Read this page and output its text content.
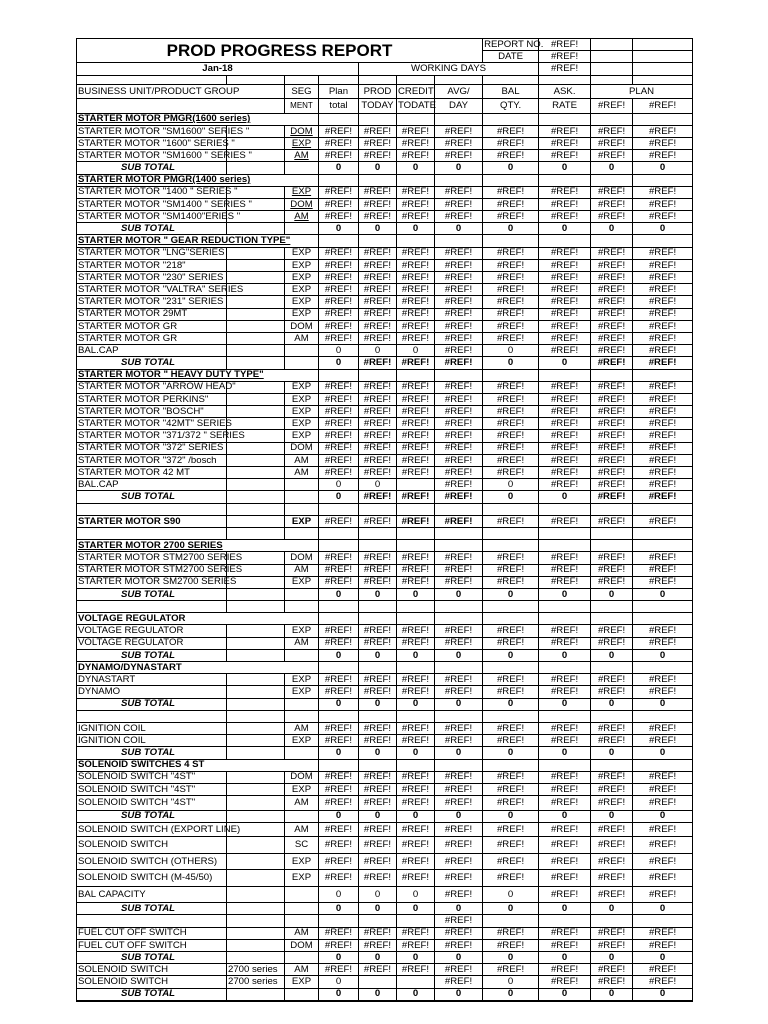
PROD PROGRESS REPORT							REPORT NO.	#REF!		
							DATE	#REF!		
Jan-18				WORKING DAYS				#REF!		

BUSINESS UNIT/PRODUCT GROUP		SEG	Plan	PROD	CREDIT	AVG/	BAL	ASK.	PLAN	
		MENT	total	TODAY	TODATE	DAY	QTY.	RATE	#REF!	#REF!
STARTER MOTOR PMGR(1600 series)										
STARTER MOTOR "SM1600" SERIES "		DOM	#REF!	#REF!	#REF!	#REF!	#REF!	#REF!	#REF!	#REF!
STARTER MOTOR "1600" SERIES "		EXP	#REF!	#REF!	#REF!	#REF!	#REF!	#REF!	#REF!	#REF!
STARTER MOTOR "SM1600 " SERIES "		AM	#REF!	#REF!	#REF!	#REF!	#REF!	#REF!	#REF!	#REF!
SUB TOTAL			0	0	0	0	0	0	0	0
STARTER MOTOR PMGR(1400 series)										
STARTER MOTOR "1400 " SERIES "		EXP	#REF!	#REF!	#REF!	#REF!	#REF!	#REF!	#REF!	#REF!
STARTER MOTOR "SM1400 " SERIES "		DOM	#REF!	#REF!	#REF!	#REF!	#REF!	#REF!	#REF!	#REF!
STARTER MOTOR "SM1400"ERIES "		AM	#REF!	#REF!	#REF!	#REF!	#REF!	#REF!	#REF!	#REF!
SUB TOTAL			0	0	0	0	0	0	0	0
STARTER MOTOR " GEAR REDUCTION TYPE"										
STARTER MOTOR "LNG"SERIES		EXP	#REF!	#REF!	#REF!	#REF!	#REF!	#REF!	#REF!	#REF!
STARTER MOTOR "218"		EXP	#REF!	#REF!	#REF!	#REF!	#REF!	#REF!	#REF!	#REF!
STARTER MOTOR "230" SERIES		EXP	#REF!	#REF!	#REF!	#REF!	#REF!	#REF!	#REF!	#REF!
STARTER MOTOR "VALTRA" SERIES		EXP	#REF!	#REF!	#REF!	#REF!	#REF!	#REF!	#REF!	#REF!
STARTER MOTOR "231" SERIES		EXP	#REF!	#REF!	#REF!	#REF!	#REF!	#REF!	#REF!	#REF!
STARTER MOTOR 29MT		EXP	#REF!	#REF!	#REF!	#REF!	#REF!	#REF!	#REF!	#REF!
STARTER MOTOR GR		DOM	#REF!	#REF!	#REF!	#REF!	#REF!	#REF!	#REF!	#REF!
STARTER MOTOR GR		AM	#REF!	#REF!	#REF!	#REF!	#REF!	#REF!	#REF!	#REF!
BAL.CAP			0	0	0	#REF!	0	#REF!	#REF!	#REF!
SUB TOTAL			0	#REF!	#REF!	#REF!	0	0	#REF!	#REF!
STARTER MOTOR " HEAVY DUTY TYPE"										
STARTER MOTOR "ARROW HEAD"		EXP	#REF!	#REF!	#REF!	#REF!	#REF!	#REF!	#REF!	#REF!
STARTER MOTOR PERKINS"		EXP	#REF!	#REF!	#REF!	#REF!	#REF!	#REF!	#REF!	#REF!
STARTER MOTOR "BOSCH"		EXP	#REF!	#REF!	#REF!	#REF!	#REF!	#REF!	#REF!	#REF!
STARTER MOTOR "42MT" SERIES		EXP	#REF!	#REF!	#REF!	#REF!	#REF!	#REF!	#REF!	#REF!
STARTER MOTOR "371/372 " SERIES		EXP	#REF!	#REF!	#REF!	#REF!	#REF!	#REF!	#REF!	#REF!
STARTER MOTOR "372" SERIES		DOM	#REF!	#REF!	#REF!	#REF!	#REF!	#REF!	#REF!	#REF!
STARTER MOTOR "372" /bosch		AM	#REF!	#REF!	#REF!	#REF!	#REF!	#REF!	#REF!	#REF!
STARTER MOTOR 42 MT		AM	#REF!	#REF!	#REF!	#REF!	#REF!	#REF!	#REF!	#REF!
BAL.CAP			0	0		#REF!	0	#REF!	#REF!	#REF!
SUB TOTAL			0	#REF!	#REF!	#REF!	0	0	#REF!	#REF!

STARTER MOTOR S90		EXP	#REF!	#REF!	#REF!	#REF!	#REF!	#REF!	#REF!	#REF!

STARTER MOTOR 2700 SERIES										
STARTER MOTOR STM2700 SERIES		DOM	#REF!	#REF!	#REF!	#REF!	#REF!	#REF!	#REF!	#REF!
STARTER MOTOR STM2700 SERIES		AM	#REF!	#REF!	#REF!	#REF!	#REF!	#REF!	#REF!	#REF!
STARTER MOTOR SM2700 SERIES		EXP	#REF!	#REF!	#REF!	#REF!	#REF!	#REF!	#REF!	#REF!
SUB TOTAL			0	0	0	0	0	0	0	0

VOLTAGE REGULATOR										
VOLTAGE REGULATOR		EXP	#REF!	#REF!	#REF!	#REF!	#REF!	#REF!	#REF!	#REF!
VOLTAGE REGULATOR		AM	#REF!	#REF!	#REF!	#REF!	#REF!	#REF!	#REF!	#REF!
SUB TOTAL			0	0	0	0	0	0	0	0
DYNAMO/DYNASTART										
DYNASTART		EXP	#REF!	#REF!	#REF!	#REF!	#REF!	#REF!	#REF!	#REF!
DYNAMO		EXP	#REF!	#REF!	#REF!	#REF!	#REF!	#REF!	#REF!	#REF!
SUB TOTAL			0	0	0	0	0	0	0	0

IGNITION COIL		AM	#REF!	#REF!	#REF!	#REF!	#REF!	#REF!	#REF!	#REF!
IGNITION COIL		EXP	#REF!	#REF!	#REF!	#REF!	#REF!	#REF!	#REF!	#REF!
SUB TOTAL			0	0	0	0	0	0	0	0
SOLENOID SWITCHES 4 ST										
SOLENOID SWITCH "4ST"		DOM	#REF!	#REF!	#REF!	#REF!	#REF!	#REF!	#REF!	#REF!
SOLENOID SWITCH "4ST"		EXP	#REF!	#REF!	#REF!	#REF!	#REF!	#REF!	#REF!	#REF!
SOLENOID SWITCH "4ST"		AM	#REF!	#REF!	#REF!	#REF!	#REF!	#REF!	#REF!	#REF!
SUB TOTAL			0	0	0	0	0	0	0	0
SOLENOID SWITCH (EXPORT LINE)		AM	#REF!	#REF!	#REF!	#REF!	#REF!	#REF!	#REF!	#REF!
SOLENOID SWITCH		SC	#REF!	#REF!	#REF!	#REF!	#REF!	#REF!	#REF!	#REF!
SOLENOID SWITCH (OTHERS)		EXP	#REF!	#REF!	#REF!	#REF!	#REF!	#REF!	#REF!	#REF!
SOLENOID SWITCH (M-45/50)		EXP	#REF!	#REF!	#REF!	#REF!	#REF!	#REF!	#REF!	#REF!
BAL CAPACITY			0	0	0	#REF!	0	#REF!	#REF!	#REF!
SUB TOTAL			0	0	0	0	0	0	0	0
						#REF!				
FUEL CUT OFF SWITCH		AM	#REF!	#REF!	#REF!	#REF!	#REF!	#REF!	#REF!	#REF!
FUEL CUT OFF SWITCH		DOM	#REF!	#REF!	#REF!	#REF!	#REF!	#REF!	#REF!	#REF!
SUB TOTAL			0	0	0	0	0	0	0	0
SOLENOID SWITCH	2700 series	AM	#REF!	#REF!	#REF!	#REF!	#REF!	#REF!	#REF!	#REF!
SOLENOID SWITCH	2700 series	EXP	0			#REF!	0	#REF!	#REF!	#REF!
SUB TOTAL			0	0	0	0	0	0	0	0
